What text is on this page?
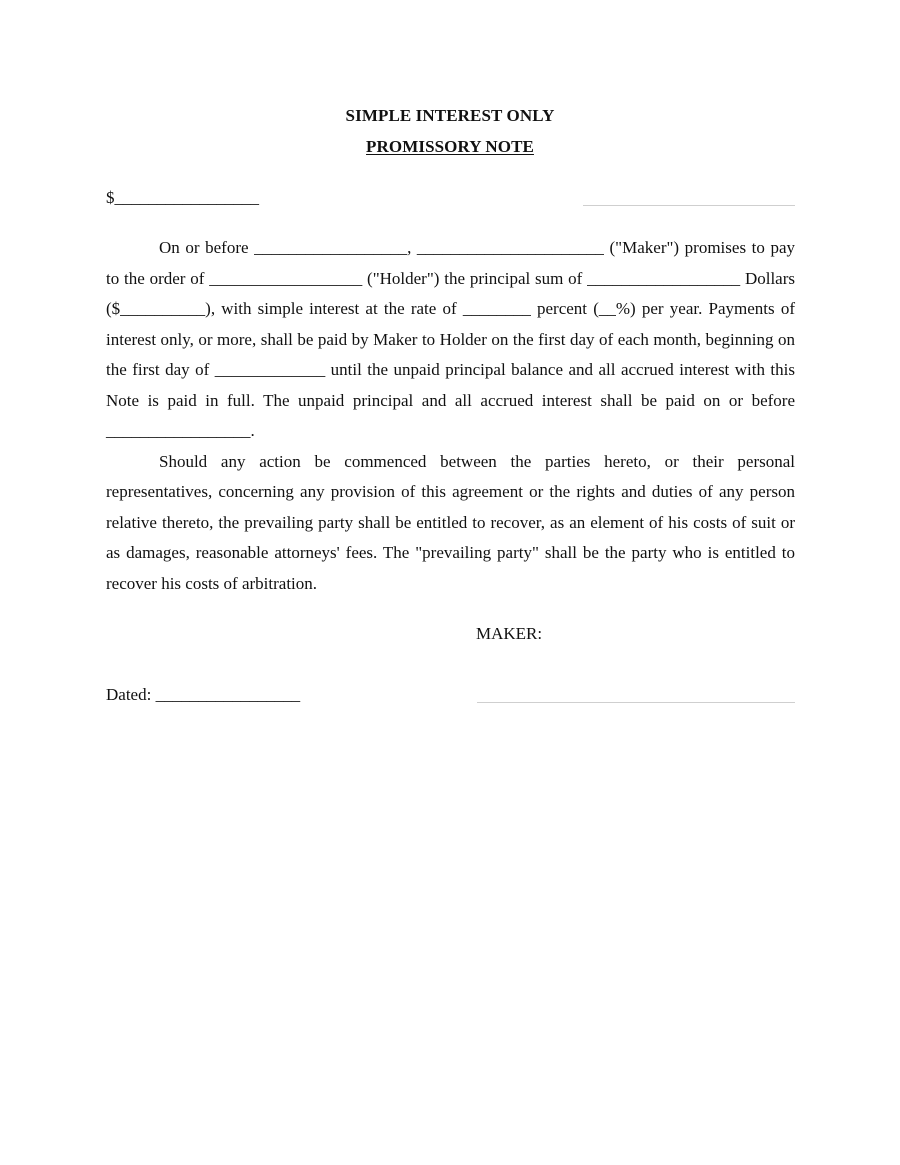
SIMPLE INTEREST ONLY
PROMISSORY NOTE
$_________________

On or before __________________, ______________________ ("Maker") promises to pay to the order of __________________ ("Holder") the principal sum of __________________ Dollars ($__________), with simple interest at the rate of ________ percent (__%) per year. Payments of interest only, or more, shall be paid by Maker to Holder on the first day of each month, beginning on the first day of _____________ until the unpaid principal balance and all accrued interest with this Note is paid in full. The unpaid principal and all accrued interest shall be paid on or before _________________.

Should any action be commenced between the parties hereto, or their personal representatives, concerning any provision of this agreement or the rights and duties of any person relative thereto, the prevailing party shall be entitled to recover, as an element of his costs of suit or as damages, reasonable attorneys' fees. The "prevailing party" shall be the party who is entitled to recover his costs of arbitration.

MAKER:
Dated: _________________
